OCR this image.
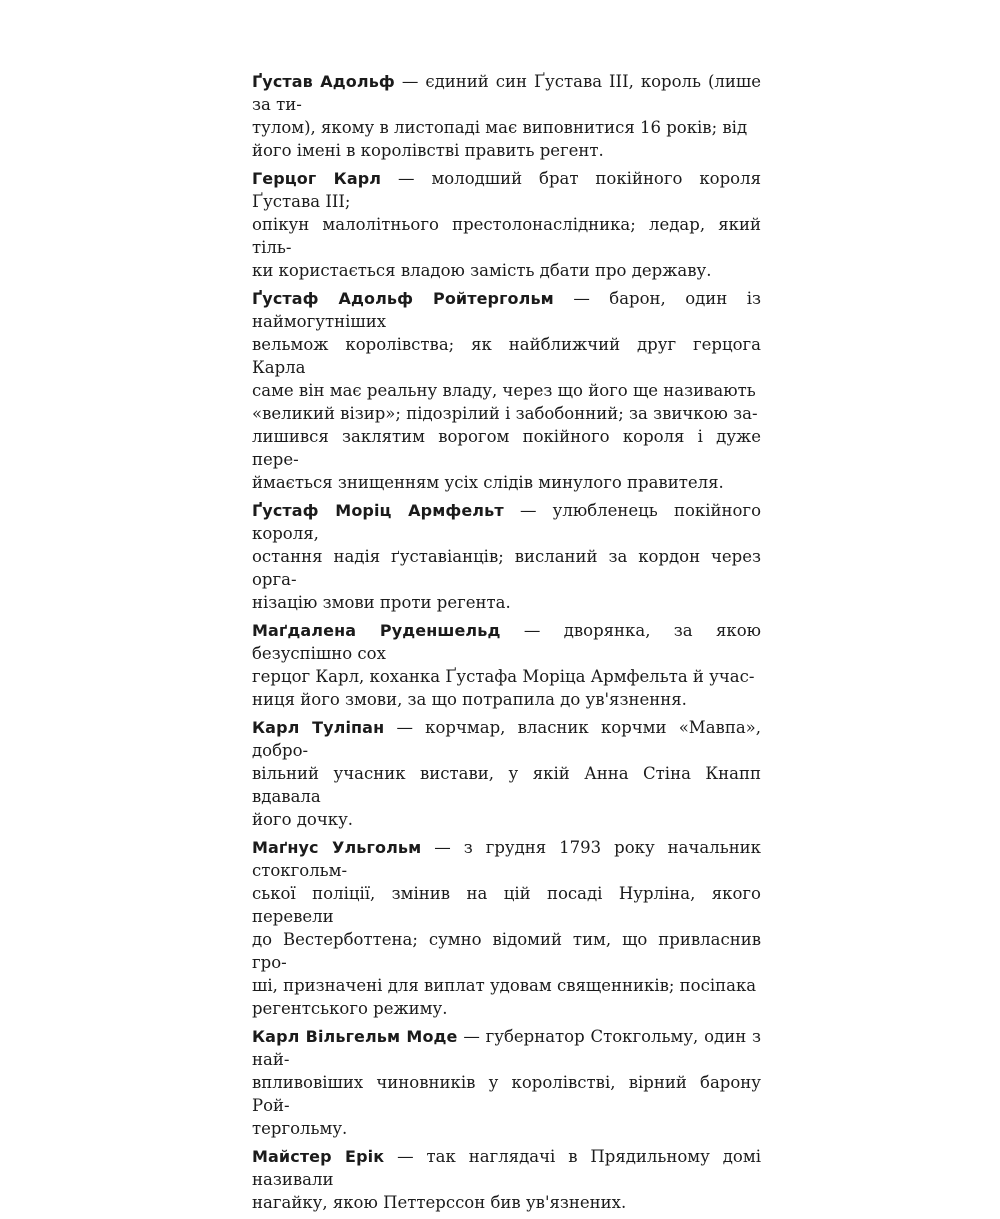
Ґустав Адольф — єдиний син Ґустава III, король (лише за ти-
тулом), якому в листопаді має виповнитися 16 років; від
його імені в королівстві править регент.

Герцог Карл — молодший брат покійного короля Ґустава III;
опікун малолітнього престолонаслідника; ледар, який тіль-
ки користається владою замість дбати про державу.

Ґустаф Адольф Ройтергольм — барон, один із наймогутніших
вельмож королівства; як найближчий друг герцога Карла
саме він має реальну владу, через що його ще називають
«великий візир»; підозрілий і забобонний; за звичкою за-
лишився заклятим ворогом покійного короля і дуже пере-
ймається знищенням усіх слідів минулого правителя.

Ґустаф Моріц Армфельт — улюбленець покійного короля,
остання надія ґуставіанців; висланий за кордон через орга-
нізацію змови проти регента.

Маґдалена Руденшельд — дворянка, за якою безуспішно сох
герцог Карл, коханка Ґустафа Моріца Армфельта й учас-
ниця його змови, за що потрапила до ув'язнення.

Карл Туліпан — корчмар, власник корчми «Мавпа», добро-
вільний учасник вистави, у якій Анна Стіна Кнапп вдавала
його дочку.

Маґнус Ульгольм — з грудня 1793 року начальник стокгольм-
ської поліції, змінив на цій посаді Нурліна, якого перевели
до Вестерботтена; сумно відомий тим, що привласнив гро-
ші, призначені для виплат удовам священників; посіпака
регентського режиму.

Карл Вільгельм Моде — губернатор Стокгольму, один з най-
впливовіших чиновників у королівстві, вірний барону Рой-
тергольму.

Майстер Ерік — так наглядачі в Прядильному домі називали
нагайку, якою Петтерссон бив ув'язнених.
